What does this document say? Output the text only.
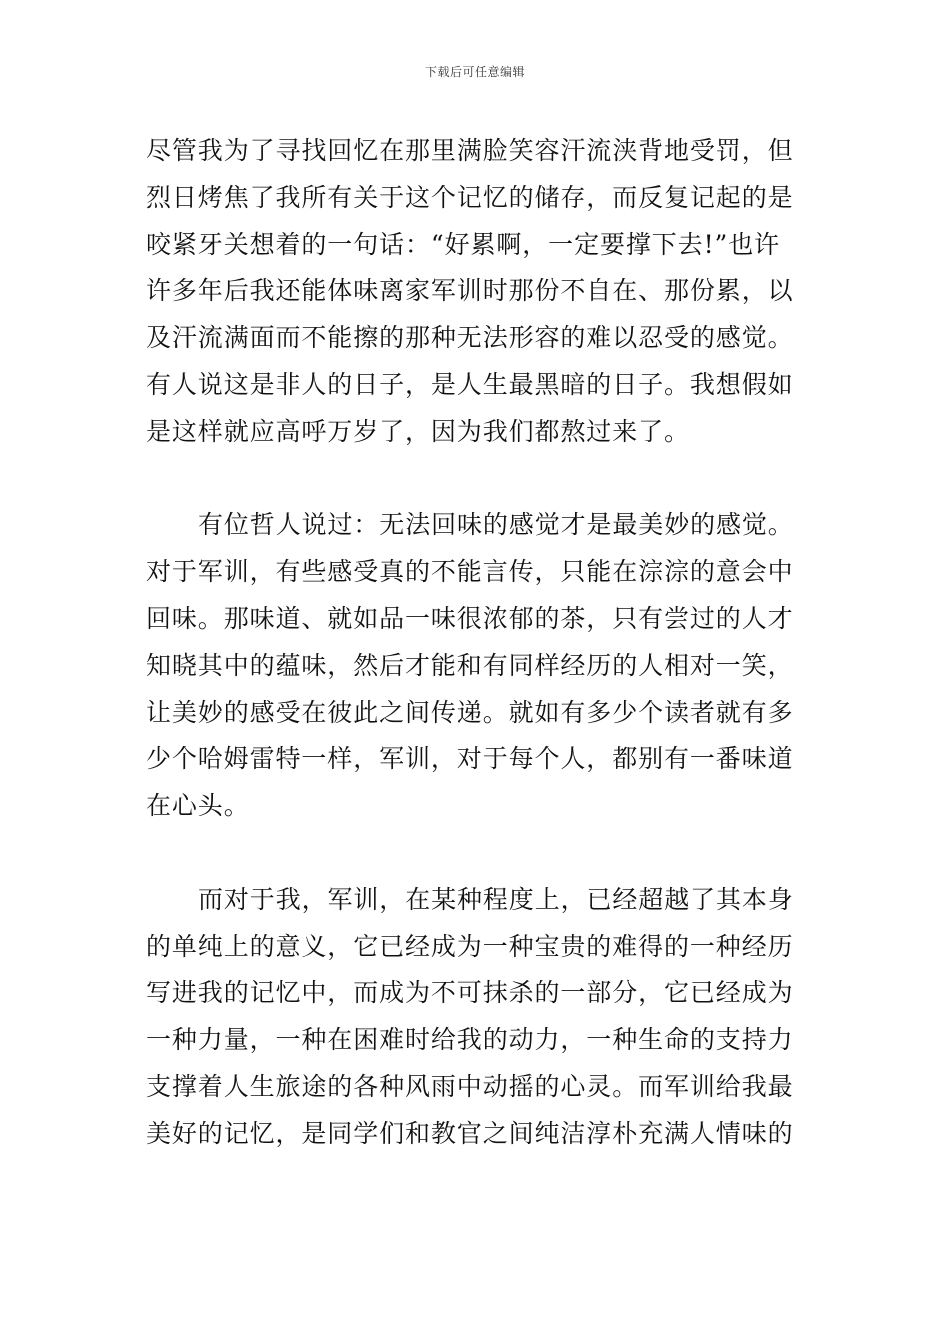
下载后可任意编辑
尽管我为了寻找回忆在那里满脸笑容汗流浃背地受罚，但
烈日烤焦了我所有关于这个记忆的储存，而反复记起的是
咬紧牙关想着的一句话：“好累啊，一定要撑下去!”也许
许多年后我还能体味离家军训时那份不自在、那份累，以
及汗流满面而不能擦的那种无法形容的难以忍受的感觉。
有人说这是非人的日子，是人生最黑暗的日子。我想假如
是这样就应高呼万岁了，因为我们都熬过来了。
有位哲人说过：无法回味的感觉才是最美妙的感觉。
对于军训，有些感受真的不能言传，只能在淙淙的意会中
回味。那味道、就如品一味很浓郁的茶，只有尝过的人才
知晓其中的蕴味，然后才能和有同样经历的人相对一笑，
让美妙的感受在彼此之间传递。就如有多少个读者就有多
少个哈姆雷特一样，军训，对于每个人，都别有一番味道
在心头。
而对于我，军训，在某种程度上，已经超越了其本身
的单纯上的意义，它已经成为一种宝贵的难得的一种经历
写进我的记忆中，而成为不可抹杀的一部分，它已经成为
一种力量，一种在困难时给我的动力，一种生命的支持力
支撑着人生旅途的各种风雨中动摇的心灵。而军训给我最
美好的记忆，是同学们和教官之间纯洁淳朴充满人情味的
